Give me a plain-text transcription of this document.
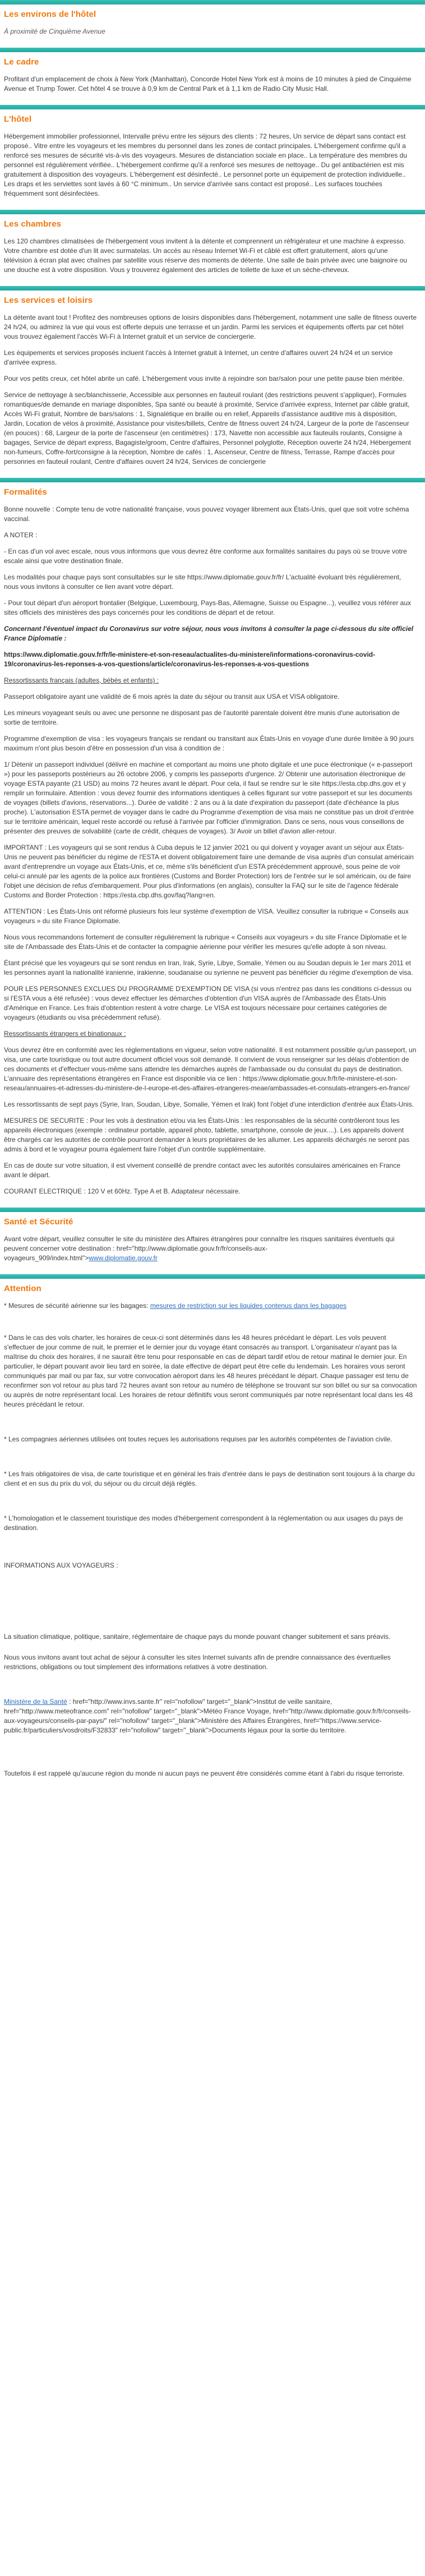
Les environs de l'hôtel

À proximité de Cinquième Avenue

Le cadre

Profitant d'un emplacement de choix à New York (Manhattan), Concorde Hotel New York est à moins de 10 minutes à pied de Cinquième Avenue et Trump Tower. Cet hôtel 4 se trouve à 0,9 km de Central Park et à 1,1 km de Radio City Music Hall.

L'hôtel

Hébergement immobilier professionnel, Intervalle prévu entre les séjours des clients : 72 heures, Un service de départ sans contact est proposé.. Vitre entre les voyageurs et les membres du personnel dans les zones de contact principales. L'hébergement confirme qu'il a renforcé ses mesures de sécurité vis-à-vis des voyageurs. Mesures de distanciation sociale en place.. La température des membres du personnel est régulièrement vérifiée.. L'hébergement confirme qu'il a renforcé ses mesures de nettoyage.. Du gel antibactérien est mis gratuitement à disposition des voyageurs. L'hébergement est désinfecté.. Le personnel porte un équipement de protection individuelle.. Les draps et les serviettes sont lavés à 60 °C minimum.. Un service d'arrivée sans contact est proposé.. Les surfaces touchées fréquemment sont désinfectées.

Les chambres

Les 120 chambres climatisées de l'hébergement vous invitent à la détente et comprennent un réfrigérateur et une machine à expresso. Votre chambre est dotée d'un lit avec surmatelas. Un accès au réseau Internet Wi-Fi et câblé est offert gratuitement, alors qu'une télévision à écran plat avec chaînes par satellite vous réserve des moments de détente. Une salle de bain privée avec une baignoire ou une douche est à votre disposition. Vous y trouverez également des articles de toilette de luxe et un sèche-cheveux.

Les services et loisirs

La détente avant tout ! Profitez des nombreuses options de loisirs disponibles dans l'hébergement, notamment une salle de fitness ouverte 24 h/24, ou admirez la vue qui vous est offerte depuis une terrasse et un jardin. Parmi les services et équipements offerts par cet hôtel vous trouvez également l'accès Wi-Fi à Internet gratuit et un service de conciergerie.

Les équipements et services proposés incluent l'accès à Internet gratuit à Internet, un centre d'affaires ouvert 24 h/24 et un service d'arrivée express.

Pour vos petits creux, cet hôtel abrite un café. L'hébergement vous invite à rejoindre son bar/salon pour une petite pause bien méritée.

Service de nettoyage à sec/blanchisserie, Accessible aux personnes en fauteuil roulant (des restrictions peuvent s'appliquer), Formules romantiques/de demande en mariage disponibles, Spa santé ou beauté à proximité, Service d'arrivée express, Internet par câble gratuit, Accès Wi-Fi gratuit, Nombre de bars/salons : 1, Signalétique en braille ou en relief, Appareils d'assistance auditive mis à disposition, Jardin, Location de vélos à proximité, Assistance pour visites/billets, Centre de fitness ouvert 24 h/24, Largeur de la porte de l'ascenseur (en pouces) : 68, Largeur de la porte de l'ascenseur (en centimètres) : 173, Navette non accessible aux fauteuils roulants, Consigne à bagages, Service de départ express, Bagagiste/groom, Centre d'affaires, Personnel polyglotte, Réception ouverte 24 h/24, Hébergement non-fumeurs, Coffre-fort/consigne à la réception, Nombre de cafés : 1, Ascenseur, Centre de fitness, Terrasse, Rampe d'accès pour personnes en fauteuil roulant, Centre d'affaires ouvert 24 h/24, Services de conciergerie

Formalités

Bonne nouvelle : Compte tenu de votre nationalité française, vous pouvez voyager librement aux États-Unis, quel que soit votre schéma vaccinal.

A NOTER :

- En cas d'un vol avec escale, nous vous informons que vous devrez être conforme aux formalités sanitaires du pays où se trouve votre escale ainsi que votre destination finale.

Les modalités pour chaque pays sont consultables sur le site https://www.diplomatie.gouv.fr/fr/ L'actualité évoluant très régulièrement, nous vous invitons à consulter ce lien avant votre départ.

- Pour tout départ d'un aéroport frontalier (Belgique, Luxembourg, Pays-Bas, Allemagne, Suisse ou Espagne...), veuillez vous référer aux sites officiels des ministères des pays concernés pour les conditions de départ et de retour.

Concernant l'éventuel impact du Coronavirus sur votre séjour, nous vous invitons à consulter la page ci-dessous du site officiel France Diplomatie :

https://www.diplomatie.gouv.fr/fr/le-ministere-et-son-reseau/actualites-du-ministere/informations-coronavirus-covid-19/coronavirus-les-reponses-a-vos-questions/article/coronavirus-les-reponses-a-vos-questions

Ressortissants français (adultes, bébés et enfants) :

Passeport obligatoire ayant une validité de 6 mois après la date du séjour ou transit aux USA et VISA obligatoire.

Les mineurs voyageant seuls ou avec une personne ne disposant pas de l'autorité parentale doivent être munis d'une autorisation de sortie de territoire.

Programme d'exemption de visa : les voyageurs français se rendant ou transitant aux États-Unis en voyage d'une durée limitée à 90 jours maximum n'ont plus besoin d'être en possession d'un visa à condition de :

1/ Détenir un passeport individuel (délivré en machine et comportant au moins une photo digitale et une puce électronique (« e-passeport ») pour les passeports postérieurs au 26 octobre 2006, y compris les passeports d'urgence. 2/ Obtenir une autorisation électronique de voyage ESTA payante (21 USD) au moins 72 heures avant le départ. Pour cela, il faut se rendre sur le site https://esta.cbp.dhs.gov et y remplir un formulaire. Attention : vous devez fournir des informations identiques à celles figurant sur votre passeport et sur les documents de voyages (billets d'avions, réservations...). Durée de validité : 2 ans ou à la date d'expiration du passeport (date d'échéance la plus proche). L'autorisation ESTA permet de voyager dans le cadre du Programme d'exemption de visa mais ne constitue pas un droit d'entrée sur le territoire américain, lequel reste accordé ou refusé à l'arrivée par l'officier d'immigration. Dans ce sens, nous vous conseillons de présenter des preuves de solvabilité (carte de crédit, chèques de voyages). 3/ Avoir un billet d'avion aller-retour.

IMPORTANT : Les voyageurs qui se sont rendus à Cuba depuis le 12 janvier 2021 ou qui doivent y voyager avant un séjour aux États-Unis ne peuvent pas bénéficier du régime de l'ESTA et doivent obligatoirement faire une demande de visa auprès d'un consulat américain avant d'entreprendre un voyage aux États-Unis, et ce, même s'ils bénéficient d'un ESTA précédemment approuvé, sous peine de voir celui-ci annulé par les agents de la police aux frontières (Customs and Border Protection) lors de l'entrée sur le sol américain, ou de faire l'objet une décision de refus d'embarquement. Pour plus d'informations (en anglais), consulter la FAQ sur le site de l'agence fédérale Customs and Border Protection : https://esta.cbp.dhs.gov/faq?lang=en.

ATTENTION : Les États-Unis ont réformé plusieurs fois leur système d'exemption de VISA. Veuillez consulter la rubrique « Conseils aux voyageurs » du site France Diplomatie.

Nous vous recommandons fortement de consulter régulièrement la rubrique « Conseils aux voyageurs » du site France Diplomatie et le site de l'Ambassade des États-Unis et de contacter la compagnie aérienne pour vérifier les mesures qu'elle adopte à son niveau.

Étant précisé que les voyageurs qui se sont rendus en Iran, Irak, Syrie, Libye, Somalie, Yémen ou au Soudan depuis le 1er mars 2011 et les personnes ayant la nationalité iranienne, irakienne, soudanaise ou syrienne ne peuvent pas bénéficier du régime d'exemption de visa.

POUR LES PERSONNES EXCLUES DU PROGRAMME D'EXEMPTION DE VISA (si vous n'entrez pas dans les conditions ci-dessus ou si l'ESTA vous a été refusée) : vous devez effectuer les démarches d'obtention d'un VISA auprès de l'Ambassade des États-Unis d'Amérique en France. Les frais d'obtention restent à votre charge. Le VISA est toujours nécessaire pour certaines catégories de voyageurs (étudiants ou visa précédemment refusé).

Ressortissants étrangers et binationaux :

Vous devrez être en conformité avec les réglementations en vigueur, selon votre nationalité. Il est notamment possible qu'un passeport, un visa, une carte touristique ou tout autre document officiel vous soit demandé. Il convient de vous renseigner sur les délais d'obtention de ces documents et d'effectuer vous-même sans attendre les démarches auprès de l'ambassade ou du consulat du pays de destination. L'annuaire des représentations étrangères en France est disponible via ce lien : https://www.diplomatie.gouv.fr/fr/le-ministere-et-son-reseau/annuaires-et-adresses-du-ministere-de-l-europe-et-des-affaires-etrangeres-meae/ambassades-et-consulats-etrangers-en-france/

Les ressortissants de sept pays (Syrie, Iran, Soudan, Libye, Somalie, Yémen et Irak) font l'objet d'une interdiction d'entrée aux États-Unis.

MESURES DE SECURITE : Pour les vols à destination et/ou via les États-Unis : les responsables de la sécurité contrôleront tous les appareils électroniques (exemple : ordinateur portable, appareil photo, tablette, smartphone, console de jeux....). Les appareils doivent être chargés car les autorités de contrôle pourront demander à leurs propriétaires de les allumer. Les appareils déchargés ne seront pas admis à bord et le voyageur pourra également faire l'objet d'un contrôle supplémentaire.

En cas de doute sur votre situation, il est vivement conseillé de prendre contact avec les autorités consulaires américaines en France avant le départ.

COURANT ELECTRIQUE : 120 V et 60Hz. Type A et B. Adaptateur nécessaire.

Santé et Sécurité

Avant votre départ, veuillez consulter le site du ministère des Affaires étrangères pour connaître les risques sanitaires éventuels qui peuvent concerner votre destination : href="http://www.diplomatie.gouv.fr/fr/conseils-aux-voyageurs_909/index.html">www.diplomatie.gouv.fr

Attention

* Mesures de sécurité aérienne sur les bagages: mesures de restriction sur les liquides contenus dans les bagages

* Dans le cas des vols charter, les horaires de ceux-ci sont déterminés dans les 48 heures précédant le départ. Les vols peuvent s'effectuer de jour comme de nuit, le premier et le dernier jour du voyage étant consacrés au transport. L'organisateur n'ayant pas la maîtrise du choix des horaires, il ne saurait être tenu pour responsable en cas de départ tardif et/ou de retour matinal le dernier jour. En particulier, le départ pouvant avoir lieu tard en soirée, la date effective de départ peut être celle du lendemain. Les horaires vous seront communiqués par mail ou par fax, sur votre convocation aéroport dans les 48 heures précédant le départ. Chaque passager est tenu de reconfirmer son vol retour au plus tard 72 heures avant son retour au numéro de téléphone se trouvant sur son billet ou sur sa convocation ou auprès de notre représentant local. Les horaires de retour définitifs vous seront communiqués par notre représentant local dans les 48 heures précédant le retour.

* Les compagnies aériennes utilisées ont toutes reçues les autorisations requises par les autorités compétentes de l'aviation civile.

* Les frais obligatoires de visa, de carte touristique et en général les frais d'entrée dans le pays de destination sont toujours à la charge du client et en sus du prix du vol, du séjour ou du circuit déjà réglés.

* L'homologation et le classement touristique des modes d'hébergement correspondent à la réglementation ou aux usages du pays de destination.

INFORMATIONS AUX VOYAGEURS :

La situation climatique, politique, sanitaire, réglementaire de chaque pays du monde pouvant changer subitement et sans préavis.

Nous vous invitons avant tout achat de séjour à consulter les sites Internet suivants afin de prendre connaissance des éventuelles restrictions, obligations ou tout simplement des informations relatives à votre destination.

Ministère de la Santé : href="http://www.invs.sante.fr" rel="nofollow" target="_blank">Institut de veille sanitaire, href="http://www.meteofrance.com" rel="nofollow" target="_blank">Météo France Voyage, href="http://www.diplomatie.gouv.fr/fr/conseils-aux-voyageurs/conseils-par-pays/" rel="nofollow" target="_blank">Ministère des Affaires Étrangères, href="https://www.service-public.fr/particuliers/vosdroits/F32833" rel="nofollow" target="_blank">Documents légaux pour la sortie du territoire.

Toutefois il est rappelé qu'aucune région du monde ni aucun pays ne peuvent être considérés comme étant à l'abri du risque terroriste.
